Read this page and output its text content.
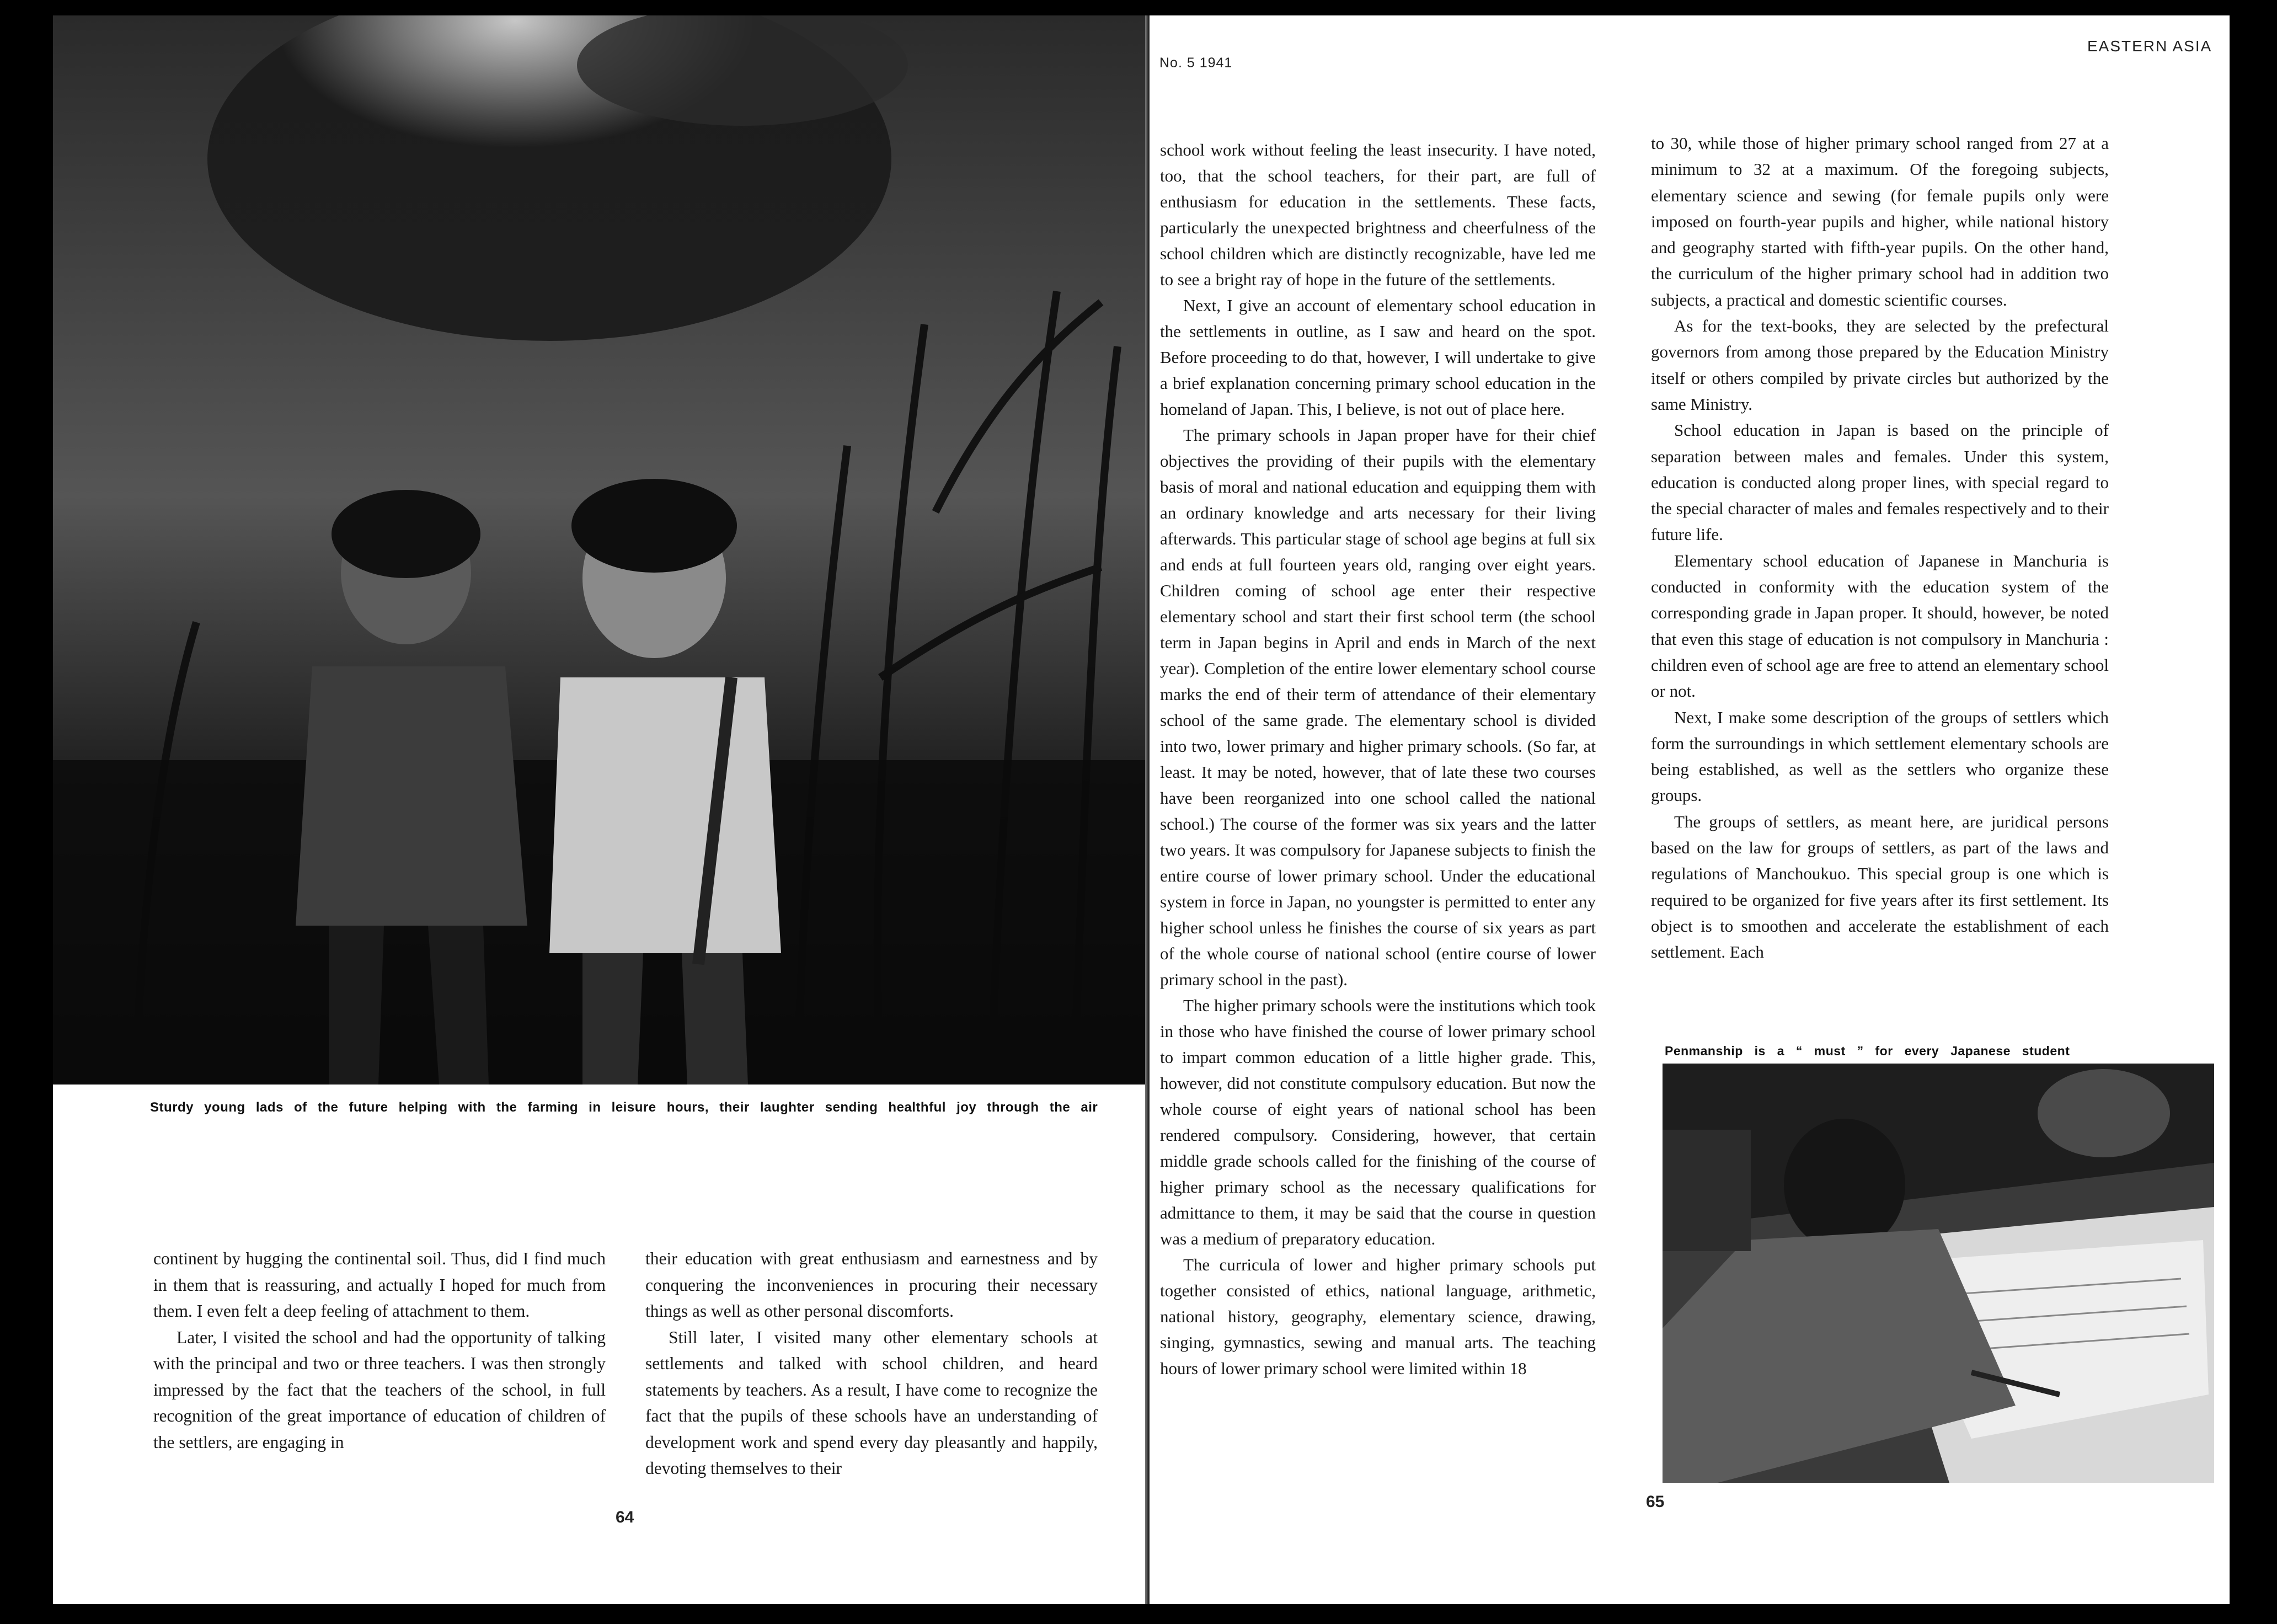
Sturdy young lads of the future helping with the farming in leisure hours, their laughter sending healthful joy through the air

continent by hugging the continental soil. Thus, did I find much in them that is reassuring, and actually I hoped for much from them. I even felt a deep feeling of attachment to them.

Later, I visited the school and had the opportunity of talking with the principal and two or three teachers. I was then strongly impressed by the fact that the teachers of the school, in full recognition of the great importance of education of children of the settlers, are engaging in

their education with great enthusiasm and earnestness and by conquering the inconveniences in procuring their necessary things as well as other personal discomforts.

Still later, I visited many other elementary schools at settlements and talked with school children, and heard statements by teachers. As a result, I have come to recognize the fact that the pupils of these schools have an understanding of development work and spend every day pleasantly and happily, devoting themselves to their

64
No. 5 1941
EASTERN ASIA

school work without feeling the least insecurity. I have noted, too, that the school teachers, for their part, are full of enthusiasm for education in the settlements. These facts, particularly the unexpected brightness and cheerfulness of the school children which are distinctly recognizable, have led me to see a bright ray of hope in the future of the settlements.

Next, I give an account of elementary school education in the settlements in outline, as I saw and heard on the spot. Before proceeding to do that, however, I will undertake to give a brief explanation concerning primary school education in the homeland of Japan. This, I believe, is not out of place here.

The primary schools in Japan proper have for their chief objectives the providing of their pupils with the elementary basis of moral and national education and equipping them with an ordinary knowledge and arts necessary for their living afterwards. This particular stage of school age begins at full six and ends at full fourteen years old, ranging over eight years. Children coming of school age enter their respective elementary school and start their first school term (the school term in Japan begins in April and ends in March of the next year). Completion of the entire lower elementary school course marks the end of their term of attendance of their elementary school of the same grade. The elementary school is divided into two, lower primary and higher primary schools. (So far, at least. It may be noted, however, that of late these two courses have been reorganized into one school called the national school.) The course of the former was six years and the latter two years. It was compulsory for Japanese subjects to finish the entire course of lower primary school. Under the educational system in force in Japan, no youngster is permitted to enter any higher school unless he finishes the course of six years as part of the whole course of national school (entire course of lower primary school in the past).

The higher primary schools were the institutions which took in those who have finished the course of lower primary school to impart common education of a little higher grade. This, however, did not constitute compulsory education. But now the whole course of eight years of national school has been rendered compulsory. Considering, however, that certain middle grade schools called for the finishing of the course of higher primary school as the necessary qualifications for admittance to them, it may be said that the course in question was a medium of preparatory education.

The curricula of lower and higher primary schools put together consisted of ethics, national language, arithmetic, national history, geography, elementary science, drawing, singing, gymnastics, sewing and manual arts. The teaching hours of lower primary school were limited within 18

to 30, while those of higher primary school ranged from 27 at a minimum to 32 at a maximum. Of the foregoing subjects, elementary science and sewing (for female pupils only were imposed on fourth-year pupils and higher, while national history and geography started with fifth-year pupils. On the other hand, the curriculum of the higher primary school had in addition two subjects, a practical and domestic scientific courses.

As for the text-books, they are selected by the prefectural governors from among those prepared by the Education Ministry itself or others compiled by private circles but authorized by the same Ministry.

School education in Japan is based on the principle of separation between males and females. Under this system, education is conducted along proper lines, with special regard to the special character of males and females respectively and to their future life.

Elementary school education of Japanese in Manchuria is conducted in conformity with the education system of the corresponding grade in Japan proper. It should, however, be noted that even this stage of education is not compulsory in Manchuria : children even of school age are free to attend an elementary school or not.

Next, I make some description of the groups of settlers which form the surroundings in which settlement elementary schools are being established, as well as the settlers who organize these groups.

The groups of settlers, as meant here, are juridical persons based on the law for groups of settlers, as part of the laws and regulations of Manchoukuo. This special group is one which is required to be organized for five years after its first settlement. Its object is to smoothen and accelerate the establishment of each settlement. Each

Penmanship is a “ must ” for every Japanese student
65
